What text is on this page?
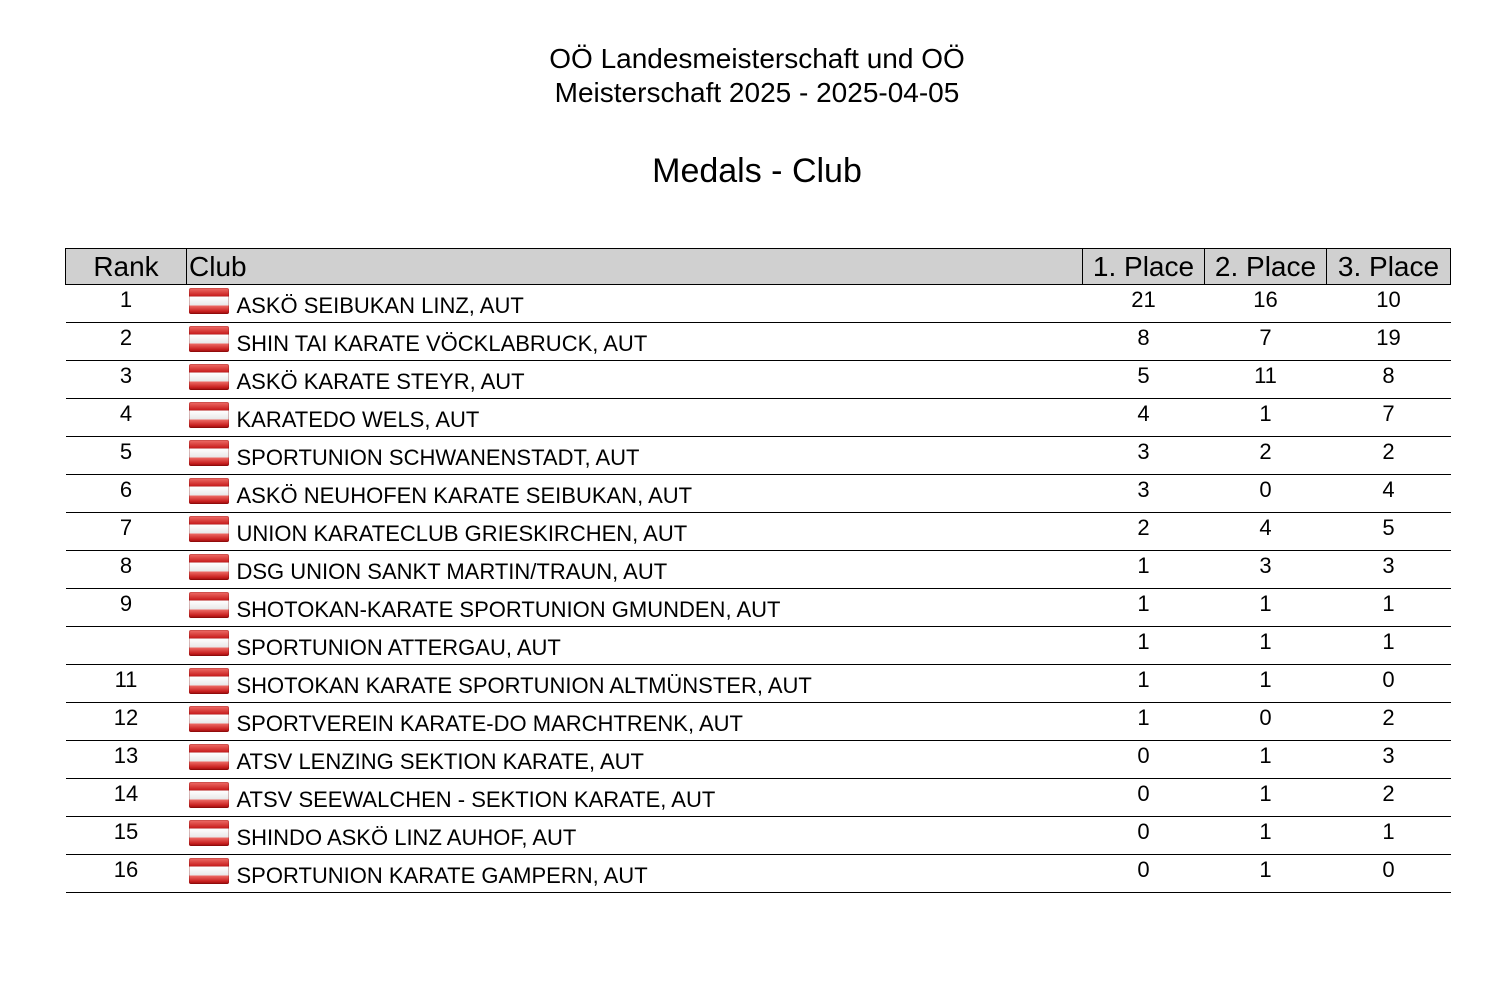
OÖ Landesmeisterschaft und OÖ
Meisterschaft 2025 - 2025-04-05
Medals - Club
Rank	Club	1. Place	2. Place	3. Place
1	ASKÖ SEIBUKAN LINZ, AUT	21	16	10
2	SHIN TAI KARATE VÖCKLABRUCK, AUT	8	7	19
3	ASKÖ KARATE STEYR, AUT	5	11	8
4	KARATEDO WELS, AUT	4	1	7
5	SPORTUNION SCHWANENSTADT, AUT	3	2	2
6	ASKÖ NEUHOFEN KARATE SEIBUKAN, AUT	3	0	4
7	UNION KARATECLUB GRIESKIRCHEN, AUT	2	4	5
8	DSG UNION SANKT MARTIN/TRAUN, AUT	1	3	3
9	SHOTOKAN-KARATE SPORTUNION GMUNDEN, AUT	1	1	1

	SPORTUNION ATTERGAU, AUT	1	1	1
11	SHOTOKAN KARATE SPORTUNION ALTMÜNSTER, AUT	1	1	0
12	SPORTVEREIN KARATE-DO MARCHTRENK, AUT	1	0	2
13	ATSV LENZING SEKTION KARATE, AUT	0	1	3
14	ATSV SEEWALCHEN - SEKTION KARATE, AUT	0	1	2
15	SHINDO ASKÖ LINZ AUHOF, AUT	0	1	1
16	SPORTUNION KARATE GAMPERN, AUT	0	1	0
